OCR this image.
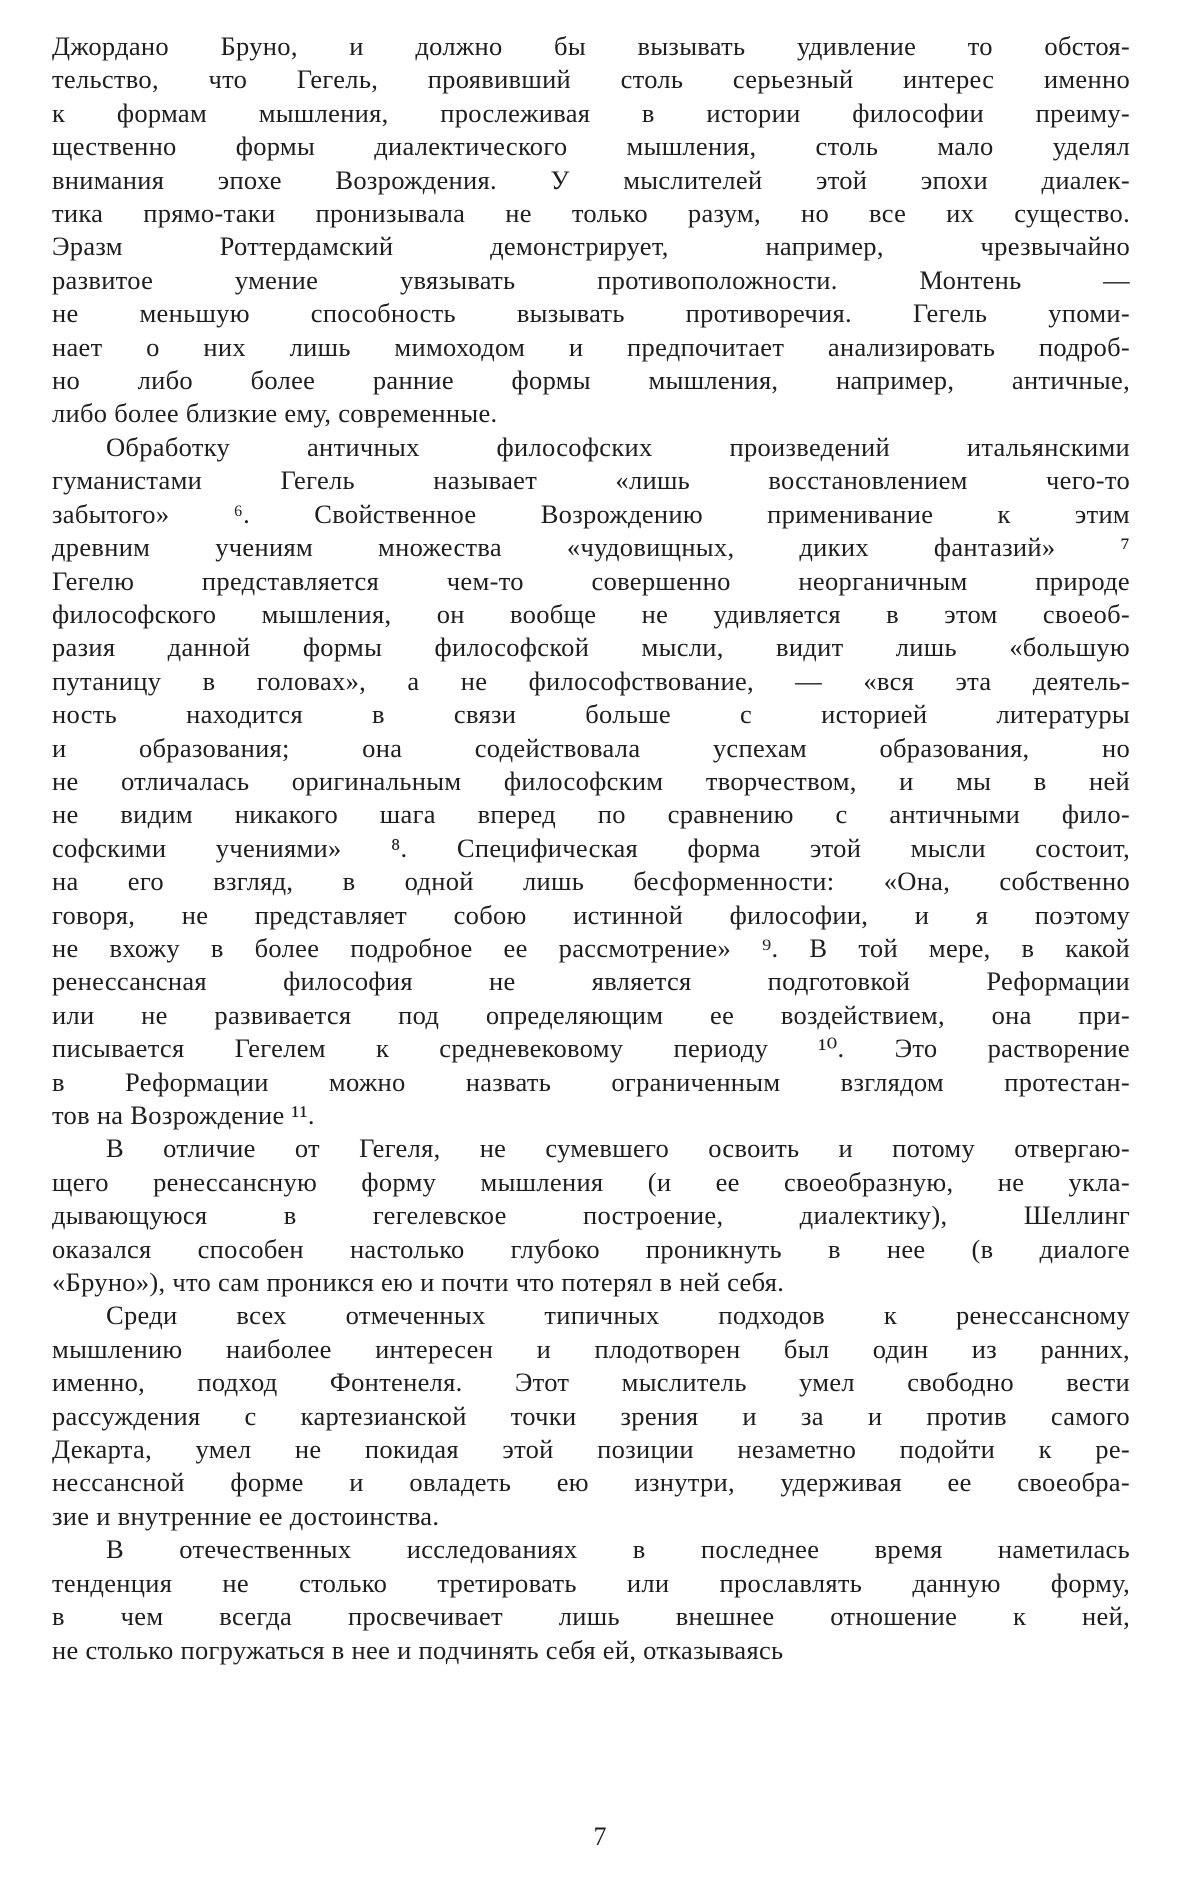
Джордано Бруно, и должно бы вызывать удивление то обстоя-
тельство, что Гегель, проявивший столь серьезный интерес именно
к формам мышления, прослеживая в истории философии преиму-
щественно формы диалектического мышления, столь мало уделял
внимания эпохе Возрождения. У мыслителей этой эпохи диалек-
тика прямо-таки пронизывала не только разум, но все их существо.
Эразм Роттердамский демонстрирует, например, чрезвычайно
развитое умение увязывать противоположности. Монтень —
не меньшую способность вызывать противоречия. Гегель упоми-
нает о них лишь мимоходом и предпочитает анализировать подроб-
но либо более ранние формы мышления, например, античные,
либо более близкие ему, современные.
Обработку античных философских произведений итальянскими
гуманистами Гегель называет «лишь восстановлением чего-то
забытого» ⁶. Свойственное Возрождению применивание к этим
древним учениям множества «чудовищных, диких фантазий» ⁷
Гегелю представляется чем-то совершенно неорганичным природе
философского мышления, он вообще не удивляется в этом своеоб-
разия данной формы философской мысли, видит лишь «большую
путаницу в головах», а не философствование, — «вся эта деятель-
ность находится в связи больше с историей литературы
и образования; она содействовала успехам образования, но
не отличалась оригинальным философским творчеством, и мы в ней
не видим никакого шага вперед по сравнению с античными фило-
софскими учениями» ⁸. Специфическая форма этой мысли состоит,
на его взгляд, в одной лишь бесформенности: «Она, собственно
говоря, не представляет собою истинной философии, и я поэтому
не вхожу в более подробное ее рассмотрение» ⁹. В той мере, в какой
ренессансная философия не является подготовкой Реформации
или не развивается под определяющим ее воздействием, она при-
писывается Гегелем к средневековому периоду ¹⁰. Это растворение
в Реформации можно назвать ограниченным взглядом протестан-
тов на Возрождение ¹¹.
В отличие от Гегеля, не сумевшего освоить и потому отвергаю-
щего ренессансную форму мышления (и ее своеобразную, не укла-
дывающуюся в гегелевское построение, диалектику), Шеллинг
оказался способен настолько глубоко проникнуть в нее (в диалоге
«Бруно»), что сам проникся ею и почти что потерял в ней себя.
Среди всех отмеченных типичных подходов к ренессансному
мышлению наиболее интересен и плодотворен был один из ранних,
именно, подход Фонтенеля. Этот мыслитель умел свободно вести
рассуждения с картезианской точки зрения и за и против самого
Декарта, умел не покидая этой позиции незаметно подойти к ре-
нессансной форме и овладеть ею изнутри, удерживая ее своеобра-
зие и внутренние ее достоинства.
В отечественных исследованиях в последнее время наметилась
тенденция не столько третировать или прославлять данную форму,
в чем всегда просвечивает лишь внешнее отношение к ней,
не столько погружаться в нее и подчинять себя ей, отказываясь
7
